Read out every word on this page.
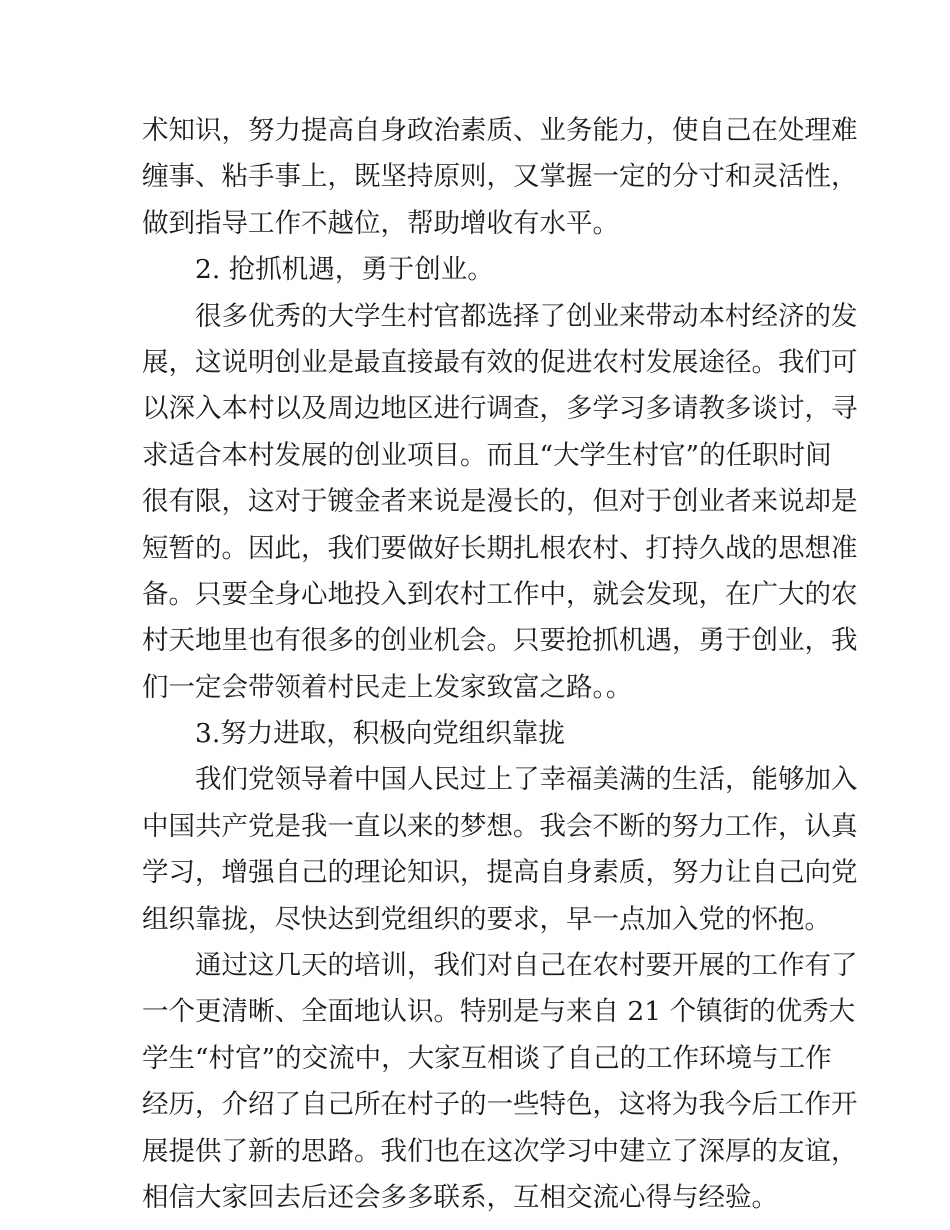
术知识，努力提高自身政治素质、业务能力，使自己在处理难
缠事、粘手事上，既坚持原则，又掌握一定的分寸和灵活性，
做到指导工作不越位，帮助增收有水平。
2. 抢抓机遇，勇于创业。
很多优秀的大学生村官都选择了创业来带动本村经济的发
展，这说明创业是最直接最有效的促进农村发展途径。我们可
以深入本村以及周边地区进行调查，多学习多请教多谈讨，寻
求适合本村发展的创业项目。而且“大学生村官”的任职时间
很有限，这对于镀金者来说是漫长的，但对于创业者来说却是
短暂的。因此，我们要做好长期扎根农村、打持久战的思想准
备。只要全身心地投入到农村工作中，就会发现，在广大的农
村天地里也有很多的创业机会。只要抢抓机遇，勇于创业，我
们一定会带领着村民走上发家致富之路。。
3.努力进取，积极向党组织靠拢
我们党领导着中国人民过上了幸福美满的生活，能够加入
中国共产党是我一直以来的梦想。我会不断的努力工作，认真
学习，增强自己的理论知识，提高自身素质，努力让自己向党
组织靠拢，尽快达到党组织的要求，早一点加入党的怀抱。
通过这几天的培训，我们对自己在农村要开展的工作有了
一个更清晰、全面地认识。特别是与来自 21 个镇街的优秀大
学生“村官”的交流中，大家互相谈了自己的工作环境与工作
经历，介绍了自己所在村子的一些特色，这将为我今后工作开
展提供了新的思路。我们也在这次学习中建立了深厚的友谊，
相信大家回去后还会多多联系，互相交流心得与经验。
